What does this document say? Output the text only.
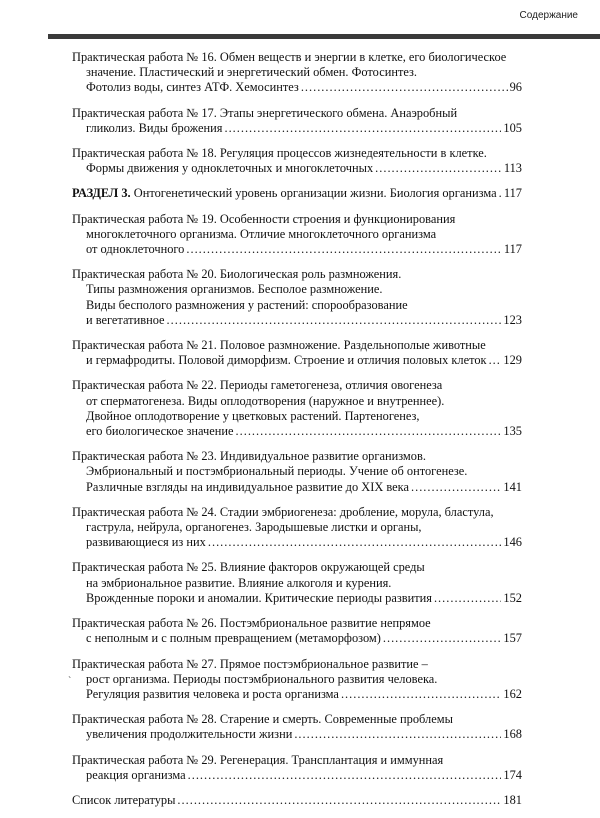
Содержание
Практическая работа № 16. Обмен веществ и энергии в клетке, его биологическое
значение. Пластический и энергетический обмен. Фотосинтез.
Фотолиз воды, синтез АТФ. Хемосинтез .....	96
Практическая работа № 17. Этапы энергетического обмена. Анаэробный
гликолиз. Виды брожения .....	105
Практическая работа № 18. Регуляция процессов жизнедеятельности в клетке.
Формы движения у одноклеточных и многоклеточных .....	113
РАЗДЕЛ 3. Онтогенетический уровень организации жизни. Биология организма ..... 117
Практическая работа № 19. Особенности строения и функционирования
многоклеточного организма. Отличие многоклеточного организма
от одноклеточного .....	117
Практическая работа № 20. Биологическая роль размножения.
Типы размножения организмов. Бесполое размножение.
Виды бесполого размножения у растений: спорообразование
и вегетативное .....	123
Практическая работа № 21. Половое размножение. Раздельнополые животные
и гермафродиты. Половой диморфизм. Строение и отличия половых клеток ..... 129
Практическая работа № 22. Периоды гаметогенеза, отличия овогенеза
от сперматогенеза. Виды оплодотворения (наружное и внутреннее).
Двойное оплодотворение у цветковых растений. Партеногенез,
его биологическое значение .....	135
Практическая работа № 23. Индивидуальное развитие организмов.
Эмбриональный и постэмбриональный периоды. Учение об онтогенезе.
Различные взгляды на индивидуальное развитие до XIX века .....	141
Практическая работа № 24. Стадии эмбриогенеза: дробление, морула, бластула,
гаструла, нейрула, органогенез. Зародышевые листки и органы,
развивающиеся из них .....	146
Практическая работа № 25. Влияние факторов окружающей среды
на эмбриональное развитие. Влияние алкоголя и курения.
Врожденные пороки и аномалии. Критические периоды развития .....	152
Практическая работа № 26. Постэмбриональное развитие непрямое
с неполным и с полным превращением (метаморфозом) .....	157
Практическая работа № 27. Прямое постэмбриональное развитие –
рост организма. Периоды постэмбрионального развития человека.
Регуляция развития человека и роста организма .....	162
Практическая работа № 28. Старение и смерть. Современные проблемы
увеличения продолжительности жизни .....	168
Практическая работа № 29. Регенерация. Трансплантация и иммунная
реакция организма .....	174
Список литературы .....	181
`
